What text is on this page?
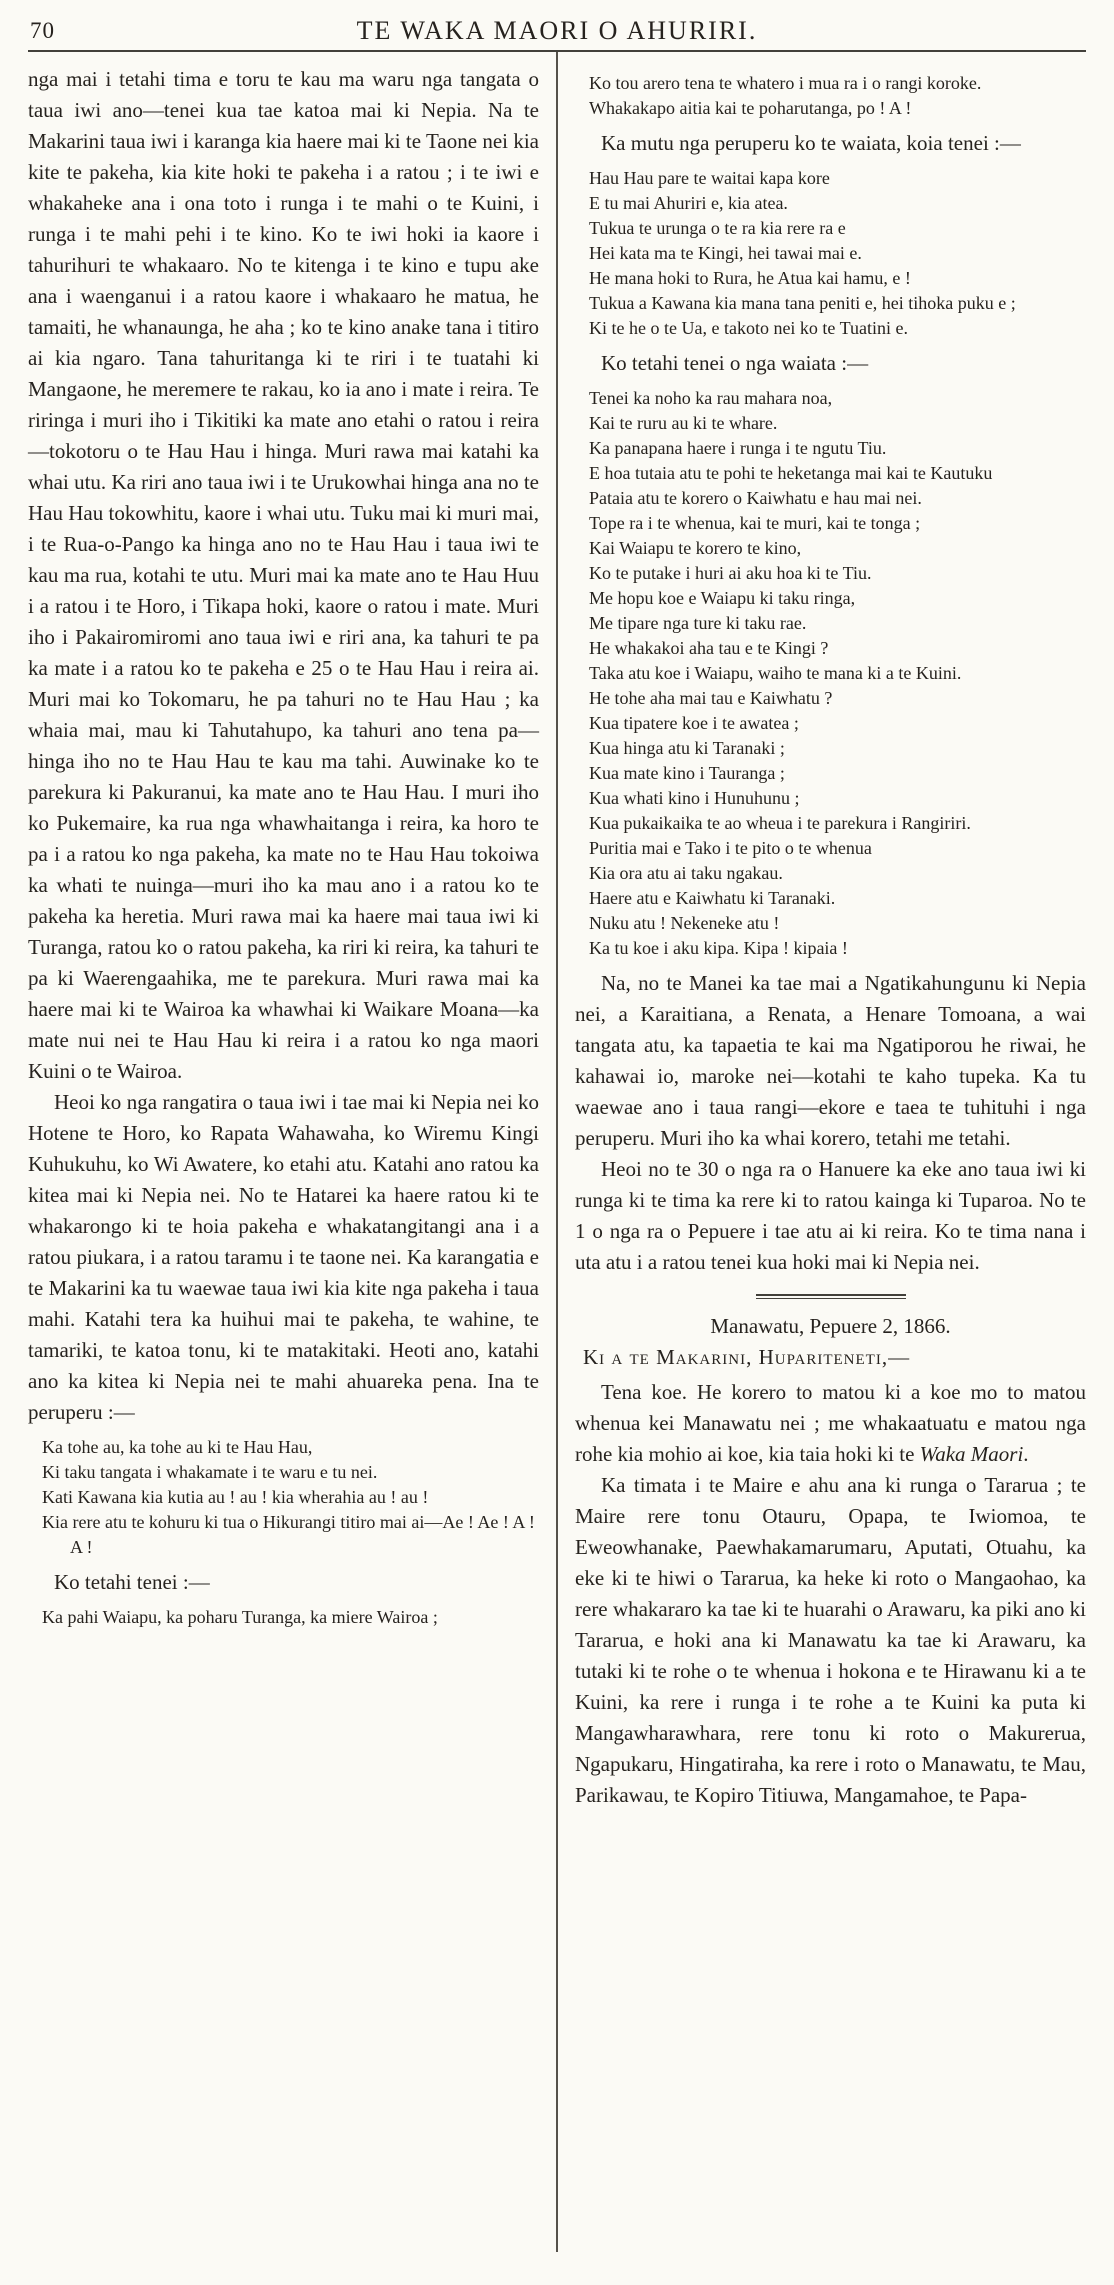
70	TE WAKA MAORI O AHURIRI.

nga mai i tetahi tima e toru te kau ma waru nga tangata o taua iwi ano—tenei kua tae katoa mai ki Nepia. Na te Makarini taua iwi i karanga kia haere mai ki te Taone nei kia kite te pakeha, kia kite hoki te pakeha i a ratou ; i te iwi e whakaheke ana i ona toto i runga i te mahi o te Kuini, i runga i te mahi pehi i te kino. Ko te iwi hoki ia kaore i tahurihuri te whakaaro. No te kitenga i te kino e tupu ake ana i waenganui i a ratou kaore i whakaaro he matua, he tamaiti, he whanaunga, he aha ; ko te kino anake tana i titiro ai kia ngaro. Tana tahuritanga ki te riri i te tuatahi ki Mangaone, he meremere te rakau, ko ia ano i mate i reira. Te riringa i muri iho i Tikitiki ka mate ano etahi o ratou i reira—tokotoru o te Hau Hau i hinga. Muri rawa mai katahi ka whai utu. Ka riri ano taua iwi i te Urukowhai hinga ana no te Hau Hau tokowhitu, kaore i whai utu. Tuku mai ki muri mai, i te Rua-o-Pango ka hinga ano no te Hau Hau i taua iwi te kau ma rua, kotahi te utu. Muri mai ka mate ano te Hau Huu i a ratou i te Horo, i Tikapa hoki, kaore o ratou i mate. Muri iho i Pakairomiromi ano taua iwi e riri ana, ka tahuri te pa ka mate i a ratou ko te pakeha e 25 o te Hau Hau i reira ai. Muri mai ko Tokomaru, he pa tahuri no te Hau Hau ; ka whaia mai, mau ki Tahutahupo, ka tahuri ano tena pa—hinga iho no te Hau Hau te kau ma tahi. Auwinake ko te parekura ki Pakuranui, ka mate ano te Hau Hau. I muri iho ko Pukemaire, ka rua nga whawhaitanga i reira, ka horo te pa i a ratou ko nga pakeha, ka mate no te Hau Hau tokoiwa ka whati te nuinga—muri iho ka mau ano i a ratou ko te pakeha ka heretia. Muri rawa mai ka haere mai taua iwi ki Turanga, ratou ko o ratou pakeha, ka riri ki reira, ka tahuri te pa ki Waerengaahika, me te parekura. Muri rawa mai ka haere mai ki te Wairoa ka whawhai ki Waikare Moana—ka mate nui nei te Hau Hau ki reira i a ratou ko nga maori Kuini o te Wairoa.

Heoi ko nga rangatira o taua iwi i tae mai ki Nepia nei ko Hotene te Horo, ko Rapata Wahawaha, ko Wiremu Kingi Kuhukuhu, ko Wi Awatere, ko etahi atu. Katahi ano ratou ka kitea mai ki Nepia nei. No te Hatarei ka haere ratou ki te whakarongo ki te hoia pakeha e whakatangitangi ana i a ratou piukara, i a ratou taramu i te taone nei. Ka karangatia e te Makarini ka tu waewae taua iwi kia kite nga pakeha i taua mahi. Katahi tera ka huihui mai te pakeha, te wahine, te tamariki, te katoa tonu, ki te matakitaki. Heoti ano, katahi ano ka kitea ki Nepia nei te mahi ahuareka pena. Ina te peruperu :—

Ka tohe au, ka tohe au ki te Hau Hau,
Ki taku tangata i whakamate i te waru e tu nei.
Kati Kawana kia kutia au ! au ! kia wherahia au ! au !
Kia rere atu te kohuru ki tua o Hikurangi titiro mai ai—Ae ! Ae ! A ! A !

Ko tetahi tenei :—

Ka pahi Waiapu, ka poharu Turanga, ka miere Wairoa ;
Ko tou arero tena te whatero i mua ra i o rangi koroke.
Whakakapo aitia kai te poharutanga, po ! A !

Ka mutu nga peruperu ko te waiata, koia tenei :—

Hau Hau pare te waitai kapa kore
E tu mai Ahuriri e, kia atea.
Tukua te urunga o te ra kia rere ra e
Hei kata ma te Kingi, hei tawai mai e.
He mana hoki to Rura, he Atua kai hamu, e !
Tukua a Kawana kia mana tana peniti e, hei tihoka puku e ;
Ki te he o te Ua, e takoto nei ko te Tuatini e.

Ko tetahi tenei o nga waiata :—

Tenei ka noho ka rau mahara noa,
Kai te ruru au ki te whare.
Ka panapana haere i runga i te ngutu Tiu.
E hoa tutaia atu te pohi te heketanga mai kai te Kautuku
Pataia atu te korero o Kaiwhatu e hau mai nei.
Tope ra i te whenua, kai te muri, kai te tonga ;
Kai Waiapu te korero te kino,
Ko te putake i huri ai aku hoa ki te Tiu.
Me hopu koe e Waiapu ki taku ringa,
Me tipare nga ture ki taku rae.
He whakakoi aha tau e te Kingi ?
Taka atu koe i Waiapu, waiho te mana ki a te Kuini.
He tohe aha mai tau e Kaiwhatu ?
Kua tipatere koe i te awatea ;
Kua hinga atu ki Taranaki ;
Kua mate kino i Tauranga ;
Kua whati kino i Hunuhunu ;
Kua pukaikaika te ao wheua i te parekura i Rangiriri.
Puritia mai e Tako i te pito o te whenua
Kia ora atu ai taku ngakau.
Haere atu e Kaiwhatu ki Taranaki.
Nuku atu ! Nekeneke atu !
Ka tu koe i aku kipa. Kipa ! kipaia !

Na, no te Manei ka tae mai a Ngatikahungunu ki Nepia nei, a Karaitiana, a Renata, a Henare Tomoana, a wai tangata atu, ka tapaetia te kai ma Ngatiporou he riwai, he kahawai io, maroke nei—kotahi te kaho tupeka. Ka tu waewae ano i taua rangi—ekore e taea te tuhituhi i nga peruperu. Muri iho ka whai korero, tetahi me tetahi.

Heoi no te 30 o nga ra o Hanuere ka eke ano taua iwi ki runga ki te tima ka rere ki to ratou kainga ki Tuparoa. No te 1 o nga ra o Pepuere i tae atu ai ki reira. Ko te tima nana i uta atu i a ratou tenei kua hoki mai ki Nepia nei.

Manawatu, Pepuere 2, 1866.

Ki a te Makarini, Hupariteneti,—

Tena koe. He korero to matou ki a koe mo to matou whenua kei Manawatu nei ; me whakaatuatu e matou nga rohe kia mohio ai koe, kia taia hoki ki te Waka Maori.

Ka timata i te Maire e ahu ana ki runga o Tararua ; te Maire rere tonu Otauru, Opapa, te Iwiomoa, te Eweowhanake, Paewhakamarumaru, Aputati, Otuahu, ka eke ki te hiwi o Tararua, ka heke ki roto o Mangaohao, ka rere whakararo ka tae ki te huarahi o Arawaru, ka piki ano ki Tararua, e hoki ana ki Manawatu ka tae ki Arawaru, ka tutaki ki te rohe o te whenua i hokona e te Hirawanu ki a te Kuini, ka rere i runga i te rohe a te Kuini ka puta ki Mangawharawhara, rere tonu ki roto o Makurerua, Ngapukaru, Hingatiraha, ka rere i roto o Manawatu, te Mau, Parikawau, te Kopiro Titiuwa, Mangamahoe, te Papa-
